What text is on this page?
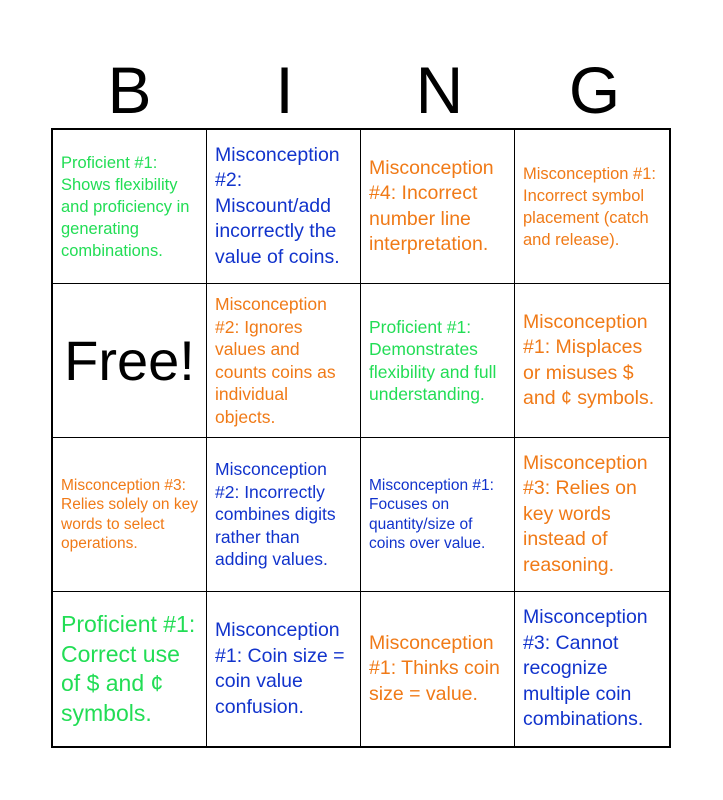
B	I	N	G
Proficient #1: Shows flexibility and proficiency in generating combinations.
Misconception #2: Miscount/add incorrectly the value of coins.
Misconception #4: Incorrect number line interpretation.
Misconception #1: Incorrect symbol placement (catch and release).
Free!
Misconception #2: Ignores values and counts coins as individual objects.
Proficient #1: Demonstrates flexibility and full understanding.
Misconception #1: Misplaces or misuses $ and ¢ symbols.
Misconception #3: Relies solely on key words to select operations.
Misconception #2: Incorrectly combines digits rather than adding values.
Misconception #1: Focuses on quantity/size of coins over value.
Misconception #3: Relies on key words instead of reasoning.
Proficient #1: Correct use of $ and ¢ symbols.
Misconception #1: Coin size = coin value confusion.
Misconception #1: Thinks coin size = value.
Misconception #3: Cannot recognize multiple coin combinations.
